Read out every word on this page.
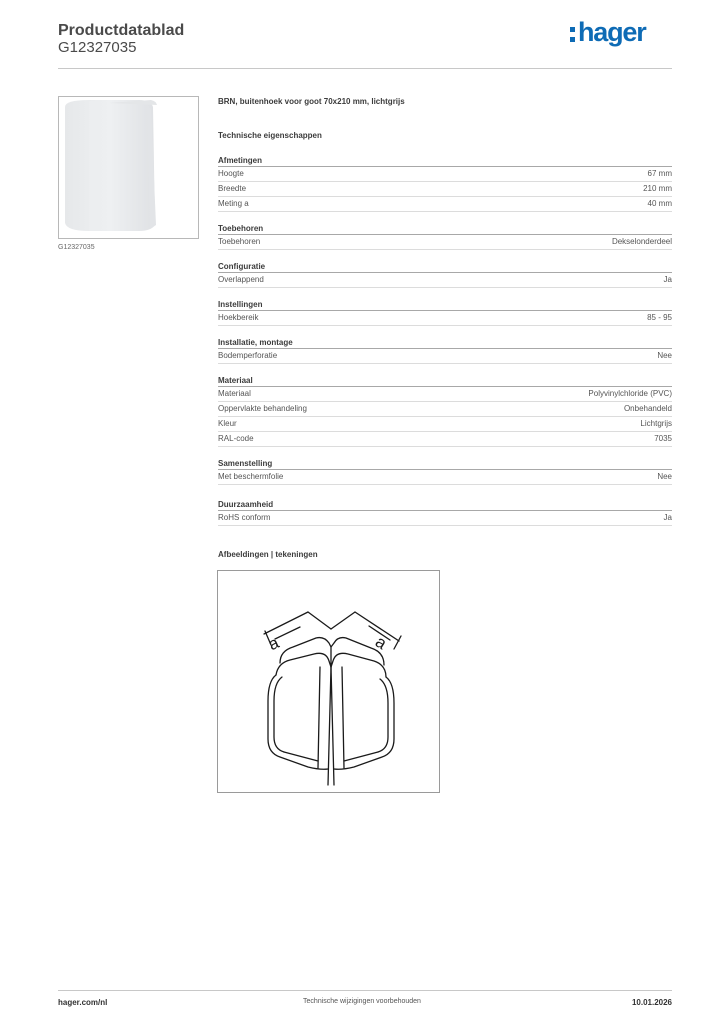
Productdatablad
G12327035
hager
G12327035
BRN, buitenhoek voor goot 70x210 mm, lichtgrijs
Technische eigenschappen
Afmetingen
Hoogte	67 mm
Breedte	210 mm
Meting a	40 mm
Toebehoren
Toebehoren	Dekselonderdeel
Configuratie
Overlappend	Ja
Instellingen
Hoekbereik	85 - 95
Installatie, montage
Bodemperforatie	Nee
Materiaal
Materiaal	Polyvinylchloride (PVC)
Oppervlakte behandeling	Onbehandeld
Kleur	Lichtgrijs
RAL-code	7035
Samenstelling
Met beschermfolie	Nee
Duurzaamheid
RoHS conform	Ja
Afbeeldingen | tekeningen
a	a
hager.com/nl	Technische wijzigingen voorbehouden	10.01.2026
